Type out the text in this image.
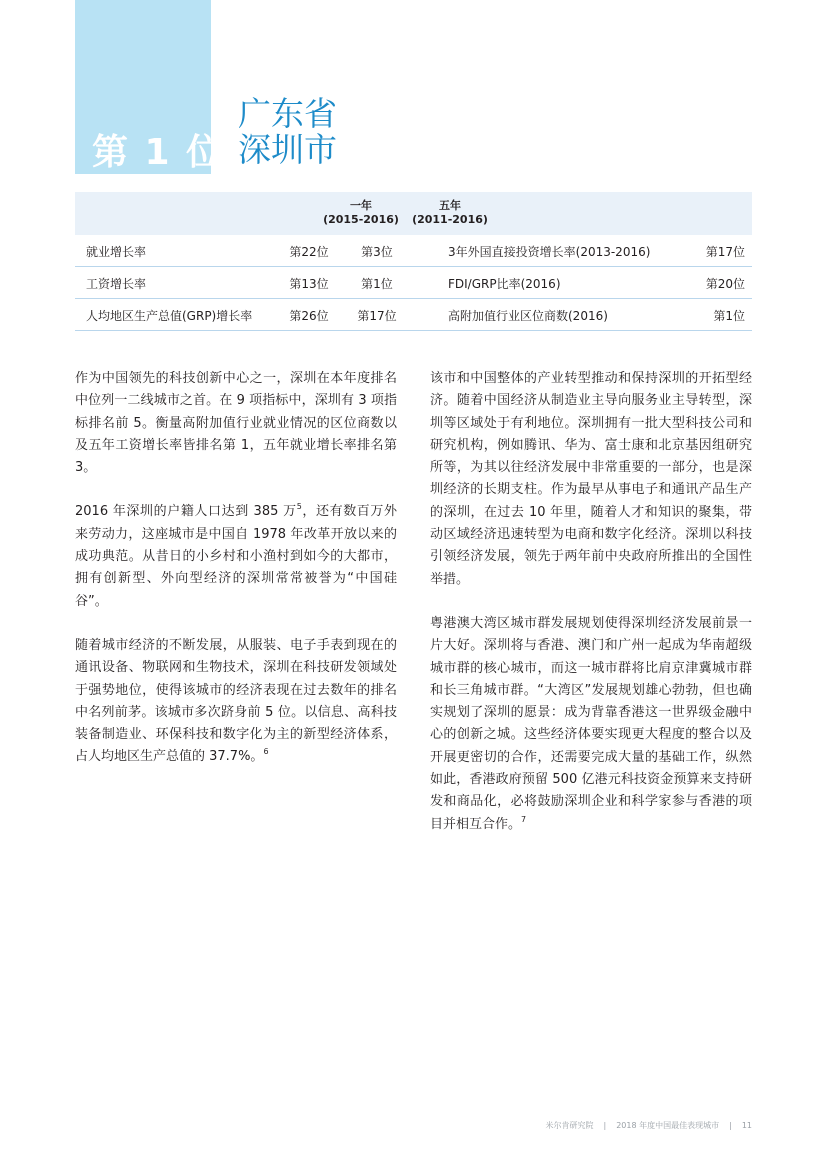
第 1 位
广东省
深圳市
一年
(2015-2016)
五年
(2011-2016)
就业增长率	第22位	第3位	3年外国直接投资增长率(2013-2016)	第17位
工资增长率	第13位	第1位	FDI/GRP比率(2016)	第20位
人均地区生产总值(GRP)增长率	第26位	第17位	高附加值行业区位商数(2016)	第1位

作为中国领先的科技创新中心之一，深圳在本年度排名中位列一二线城市之首。在 9 项指标中，深圳有 3 项指标排名前 5。衡量高附加值行业就业情况的区位商数以及五年工资增长率皆排名第 1，五年就业增长率排名第 3。

2016 年深圳的户籍人口达到 385 万$^5$，还有数百万外来劳动力，这座城市是中国自 1978 年改革开放以来的成功典范。从昔日的小乡村和小渔村到如今的大都市，拥有创新型、外向型经济的深圳常常被誉为“中国硅谷”。

随着城市经济的不断发展，从服装、电子手表到现在的通讯设备、物联网和生物技术，深圳在科技研发领域处于强势地位，使得该城市的经济表现在过去数年的排名中名列前茅。该城市多次跻身前 5 位。以信息、高科技装备制造业、环保科技和数字化为主的新型经济体系，占人均地区生产总值的 37.7%。$^6$

该市和中国整体的产业转型推动和保持深圳的开拓型经济。随着中国经济从制造业主导向服务业主导转型，深圳等区域处于有利地位。深圳拥有一批大型科技公司和研究机构，例如腾讯、华为、富士康和北京基因组研究所等，为其以往经济发展中非常重要的一部分，也是深圳经济的长期支柱。作为最早从事电子和通讯产品生产的深圳，在过去 10 年里，随着人才和知识的聚集，带动区域经济迅速转型为电商和数字化经济。深圳以科技引领经济发展，领先于两年前中央政府所推出的全国性举措。

粤港澳大湾区城市群发展规划使得深圳经济发展前景一片大好。深圳将与香港、澳门和广州一起成为华南超级城市群的核心城市，而这一城市群将比肩京津冀城市群和长三角城市群。“大湾区”发展规划雄心勃勃，但也确实规划了深圳的愿景：成为背靠香港这一世界级金融中心的创新之城。这些经济体要实现更大程度的整合以及开展更密切的合作，还需要完成大量的基础工作，纵然如此，香港政府预留 500 亿港元科技资金预算来支持研发和商品化，必将鼓励深圳企业和科学家参与香港的项目并相互合作。$^7$

米尔肯研究院 | 2018 年度中国最佳表现城市 | 11
